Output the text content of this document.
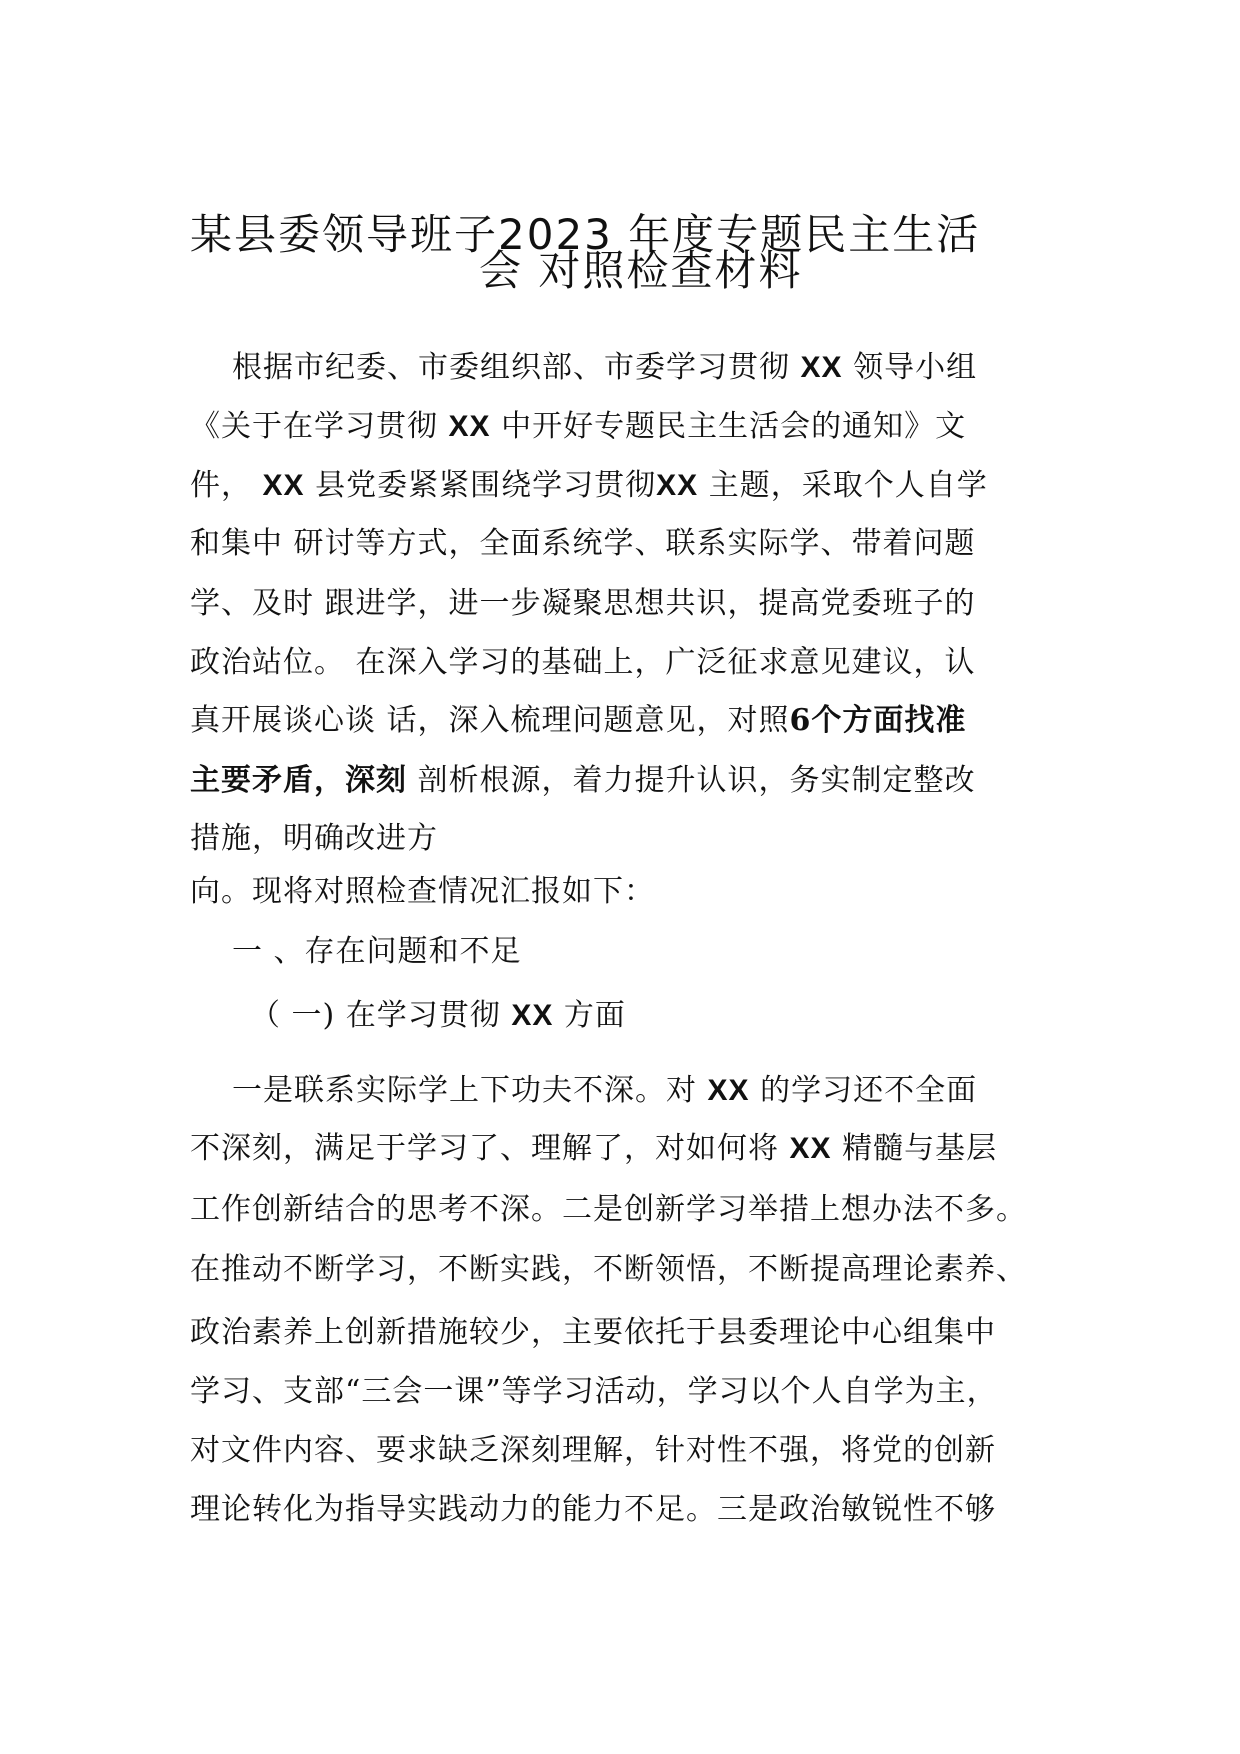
某县委领导班子2023 年度专题民主生活
会 对照检查材料
根据市纪委、市委组织部、市委学习贯彻 XX 领导小组
《关于在学习贯彻 XX 中开好专题民主生活会的通知》文
件， XX 县党委紧紧围绕学习贯彻XX 主题，采取个人自学
和集中 研讨等方式，全面系统学、联系实际学、带着问题
学、及时 跟进学，进一步凝聚思想共识，提高党委班子的
政治站位。 在深入学习的基础上，广泛征求意见建议，认
真开展谈心谈 话，深入梳理问题意见，对照6个方面找准
主要矛盾，深刻 剖析根源，着力提升认识，务实制定整改
措施，明确改进方
向。现将对照检查情况汇报如下：
一 、存在问题和不足
（ 一) 在学习贯彻 XX 方面
一是联系实际学上下功夫不深。对 XX 的学习还不全面
不深刻，满足于学习了、理解了，对如何将 XX 精髓与基层
工作创新结合的思考不深。二是创新学习举措上想办法不多。
在推动不断学习，不断实践，不断领悟，不断提高理论素养、
政治素养上创新措施较少，主要依托于县委理论中心组集中
学习、支部“三会一课”等学习活动，学习以个人自学为主，
对文件内容、要求缺乏深刻理解，针对性不强，将党的创新
理论转化为指导实践动力的能力不足。三是政治敏锐性不够
